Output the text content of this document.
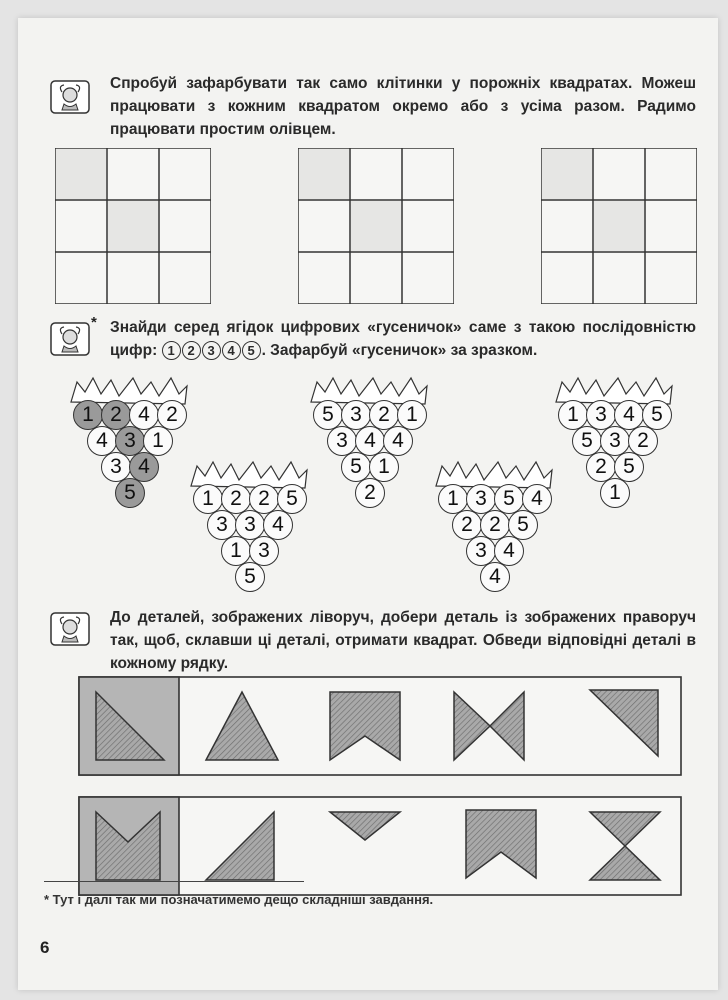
Спробуй зафарбувати так само клітинки у порожніх квадратах. Можеш працювати з кожним квадратом окремо або з усіма разом. Радимо працювати простим олівцем.
* Знайди серед ягідок цифрових «гусеничок» саме з такою послідовністю цифр: 1 2 3 4 5 . Зафарбуй «гусеничок» за зразком.
1 2 4 2
4 3 1
3 4
5
5 3 2 1
3 4 4
5 1
2
1 3 4 5
5 3 2
2 5
1
1 2 2 5
3 3 4
1 3
5
1 3 5 4
2 2 5
3 4
4
До деталей, зображених ліворуч, добери деталь із зображених праворуч так, щоб, склавши ці деталі, отримати квадрат. Обведи відповідні деталі в кожному рядку.
* Тут і далі так ми позначатимемо дещо складніші завдання.
6
